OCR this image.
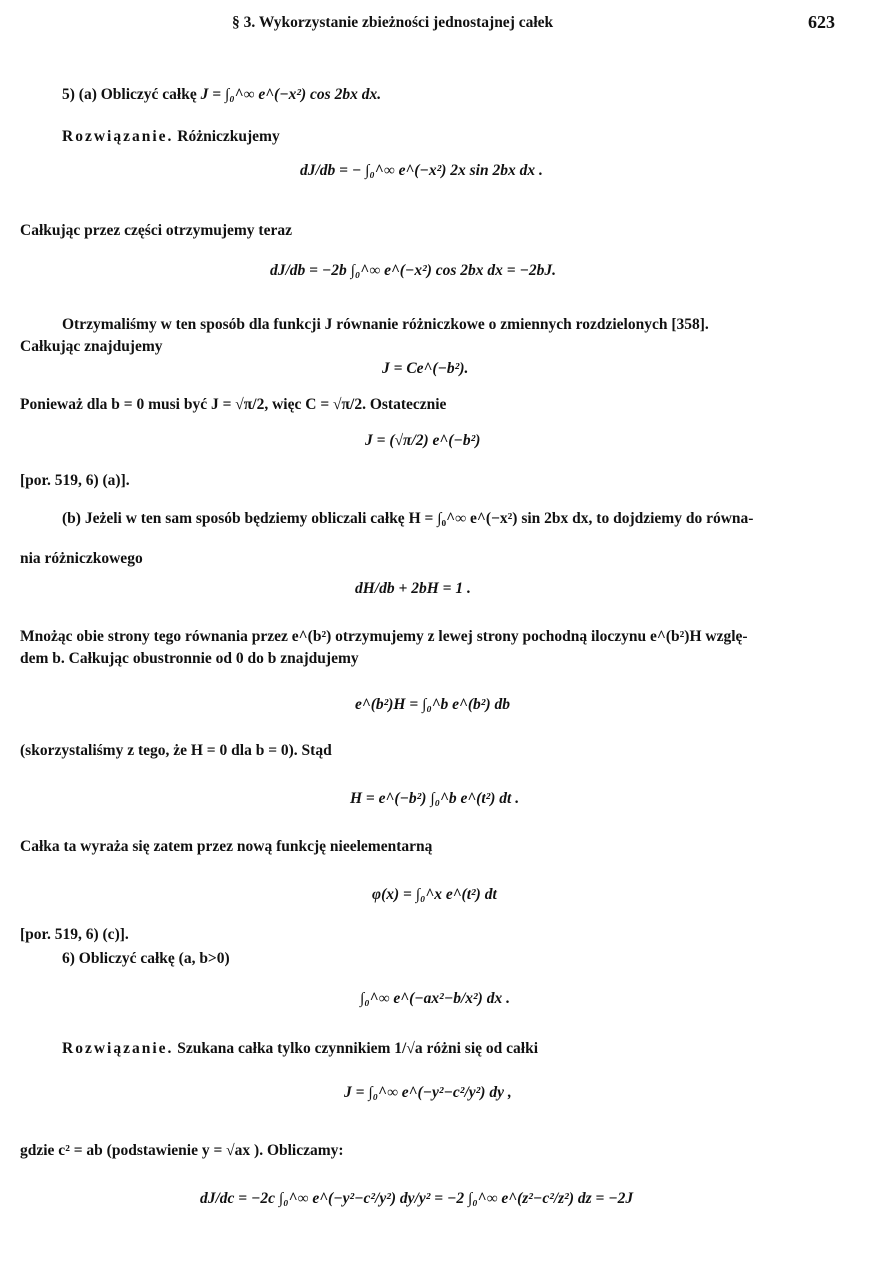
§ 3. Wykorzystanie zbieżności jednostajnej całek	623
5) (a) Obliczyć całkę J = ∫₀^∞ e^(−x²) cos 2bx dx.
Rozwiązanie. Różniczkujemy
dJ/db = − ∫₀^∞ e^(−x²) 2x sin 2bx dx .
Całkując przez części otrzymujemy teraz
dJ/db = −2b ∫₀^∞ e^(−x²) cos 2bx dx = −2bJ.
Otrzymaliśmy w ten sposób dla funkcji J równanie różniczkowe o zmiennych rozdzielonych [358].
Całkując znajdujemy
J = Ce^(−b²).
Ponieważ dla b = 0 musi być J = √π/2, więc C = √π/2. Ostatecznie
J = (√π/2) e^(−b²)
[por. 519, 6) (a)].
(b) Jeżeli w ten sam sposób będziemy obliczali całkę H = ∫₀^∞ e^(−x²) sin 2bx dx, to dojdziemy do równa-
nia różniczkowego
dH/db + 2bH = 1 .
Mnożąc obie strony tego równania przez e^(b²) otrzymujemy z lewej strony pochodną iloczynu e^(b²)H wzglę-
dem b. Całkując obustronnie od 0 do b znajdujemy
e^(b²)H = ∫₀^b e^(b²) db
(skorzystaliśmy z tego, że H = 0 dla b = 0). Stąd
H = e^(−b²) ∫₀^b e^(t²) dt .
Całka ta wyraża się zatem przez nową funkcję nieelementarną
φ(x) = ∫₀^x e^(t²) dt
[por. 519, 6) (c)].
6) Obliczyć całkę (a, b>0)
∫₀^∞ e^(−ax²−b/x²) dx .
Rozwiązanie. Szukana całka tylko czynnikiem 1/√a różni się od całki
J = ∫₀^∞ e^(−y²−c²/y²) dy ,
gdzie c² = ab (podstawienie y = √ax ). Obliczamy:
dJ/dc = −2c ∫₀^∞ e^(−y²−c²/y²) dy/y² = −2 ∫₀^∞ e^(z²−c²/z²) dz = −2J
